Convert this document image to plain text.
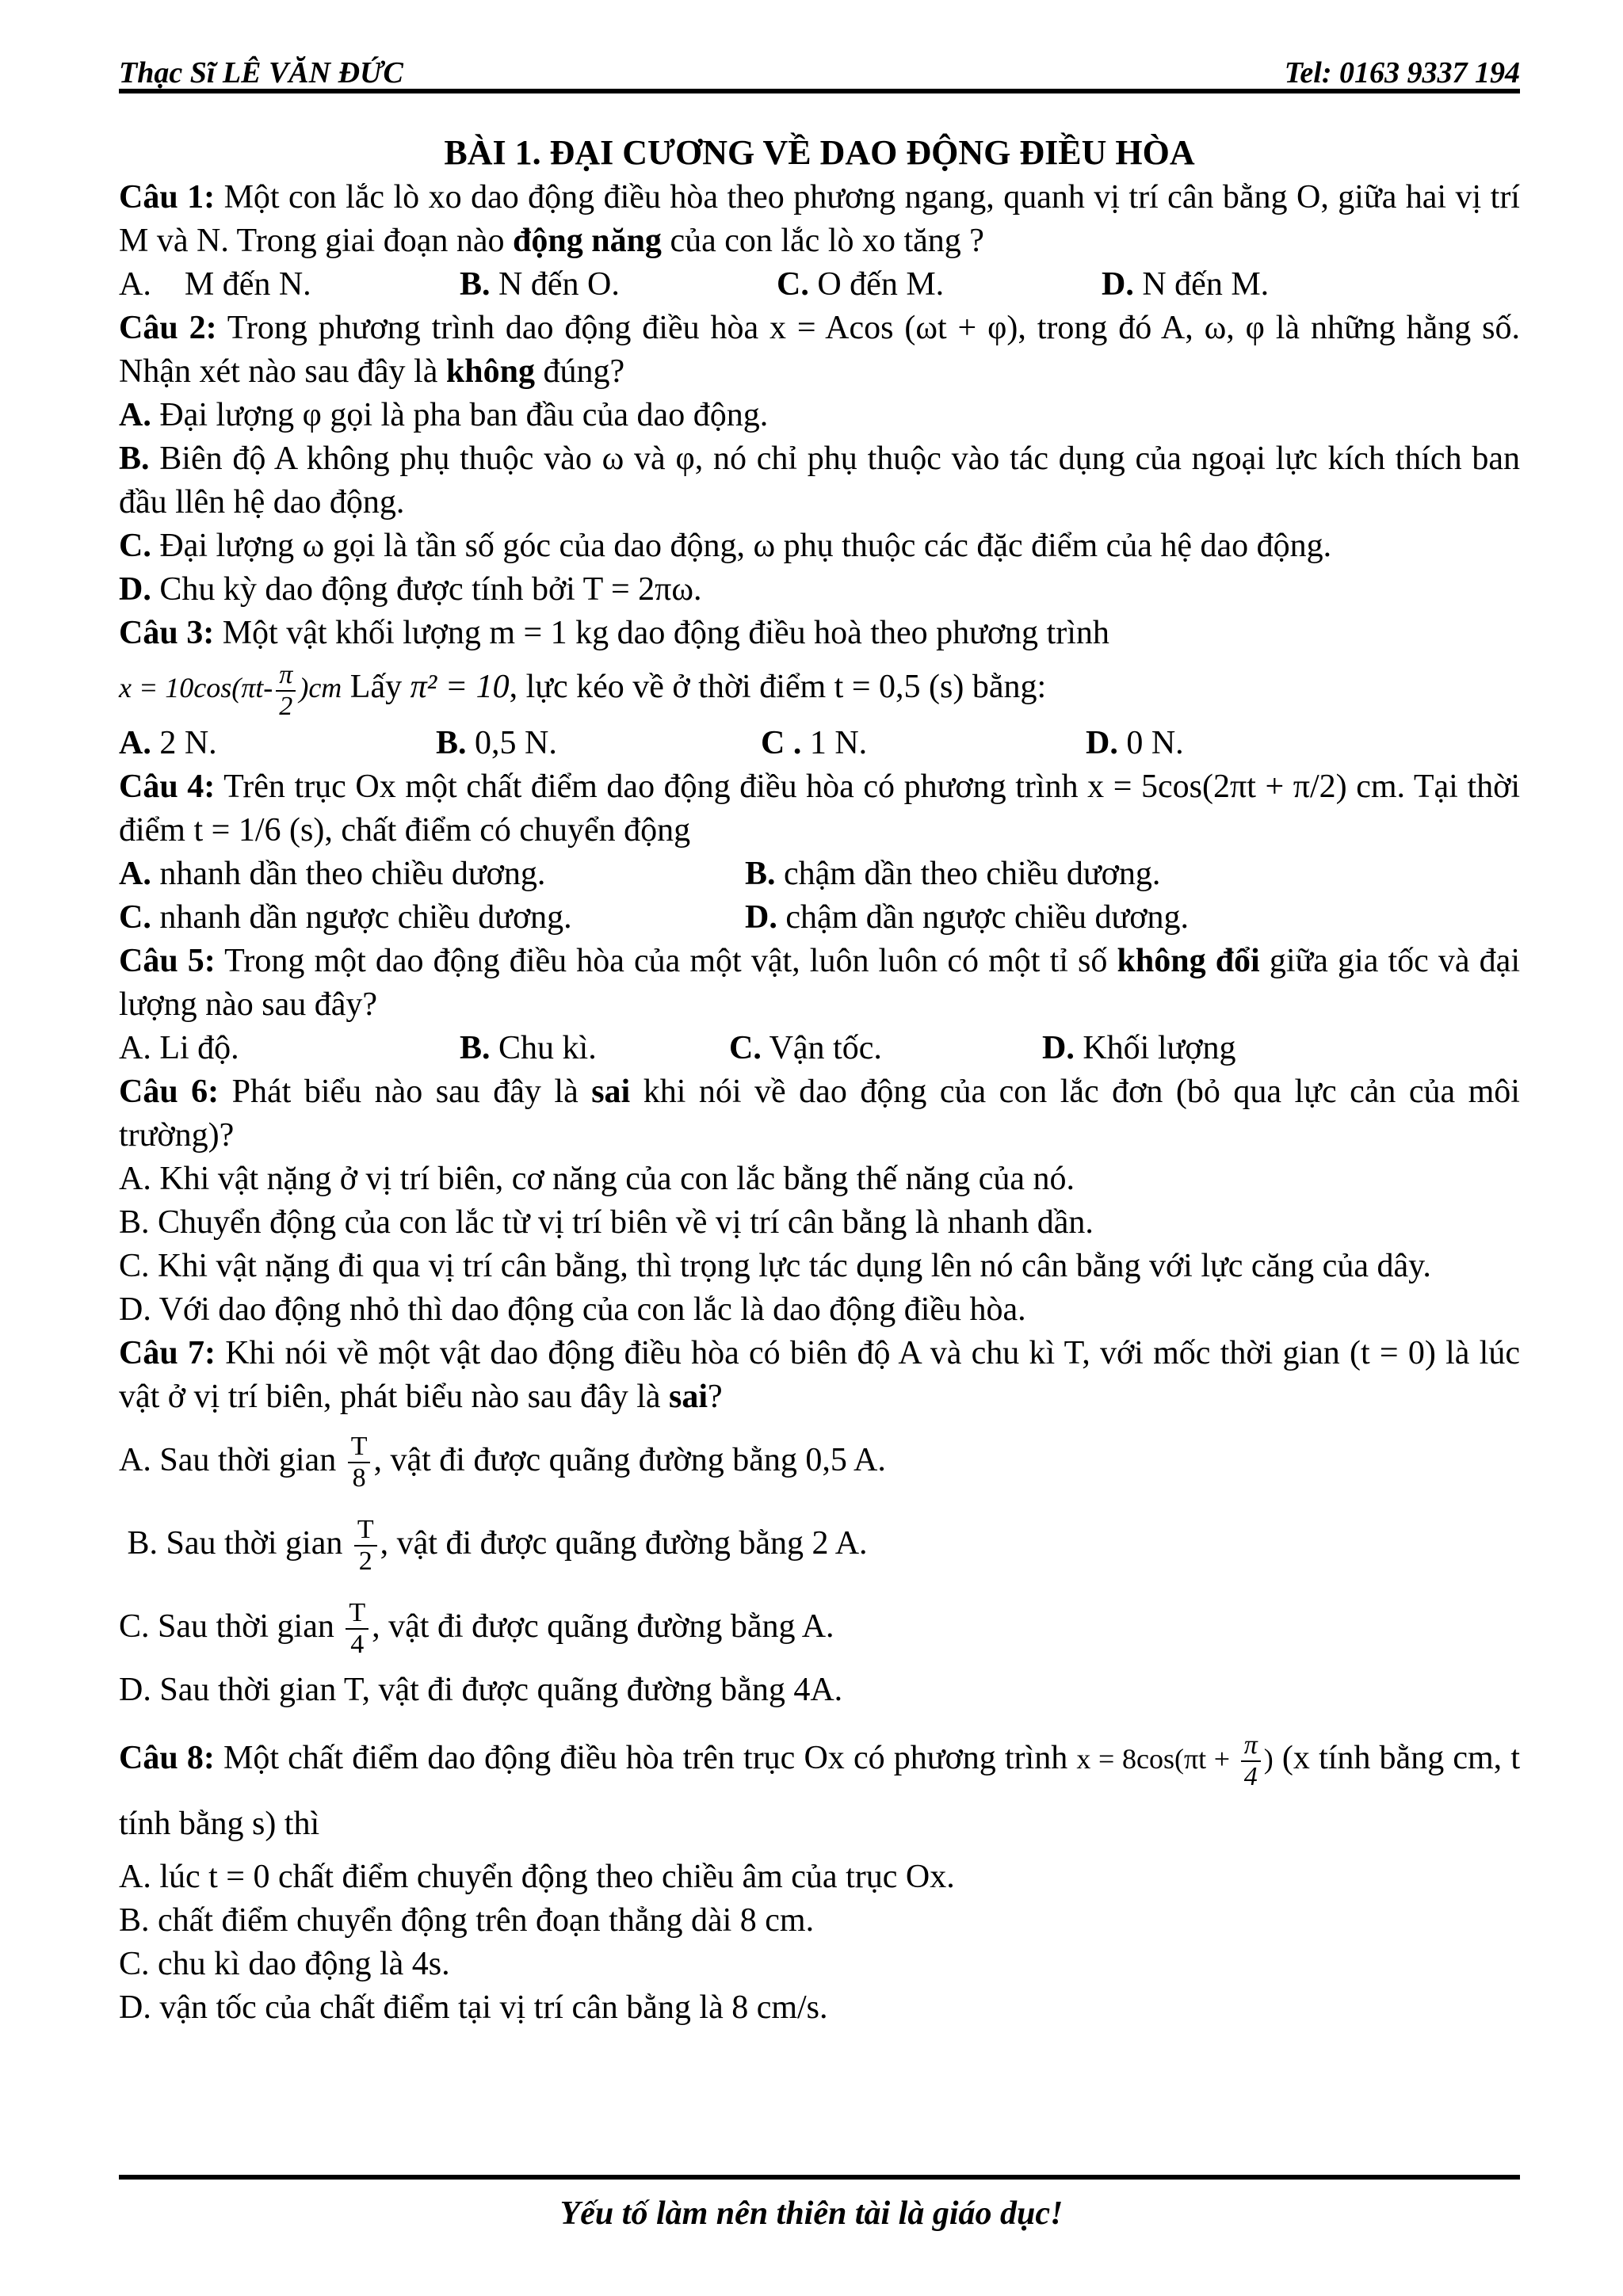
Thạc Sĩ LÊ VĂN ĐỨC	Tel: 0163 9337 194
BÀI 1. ĐẠI CƯƠNG VỀ DAO ĐỘNG ĐIỀU HÒA

Câu 1: Một con lắc lò xo dao động điều hòa theo phương ngang, quanh vị trí cân bằng O, giữa hai vị trí M và N. Trong giai đoạn nào động năng của con lắc lò xo tăng ?

A.    M đến N.	B. N đến O.	C. O đến M.	D. N đến M.

Câu 2: Trong phương trình dao động điều hòa x = Acos (ωt + φ), trong đó A, ω, φ là những hằng số. Nhận xét nào sau đây là không đúng?

A. Đại lượng φ gọi là pha ban đầu của dao động.

B. Biên độ A không phụ thuộc vào ω và φ, nó chỉ phụ thuộc vào tác dụng của ngoại lực kích thích ban đầu llên hệ dao động.

C. Đại lượng ω gọi là tần số góc của dao động, ω phụ thuộc các đặc điểm của hệ dao động.

D. Chu kỳ dao động được tính bởi T = 2πω.

Câu 3: Một vật khối lượng m = 1 kg dao động điều hoà theo phương trình

$x = 10\cos(\pi t- \frac{\pi}{2} )cm$ Lấy π² = 10, lực kéo về ở thời điểm t = 0,5 (s) bằng:

A. 2 N.	B. 0,5 N.	C . 1 N.	D. 0 N.

Câu 4: Trên trục Ox một chất điểm dao động điều hòa có phương trình x = 5cos(2πt + π/2) cm. Tại thời điểm t = 1/6 (s), chất điểm có chuyển động

A. nhanh dần theo chiều dương.	B. chậm dần theo chiều dương.
C. nhanh dần ngược chiều dương.	D. chậm dần ngược chiều dương.

Câu 5: Trong một dao động điều hòa của một vật, luôn luôn có một tỉ số không đổi giữa gia tốc và đại lượng nào sau đây?

A. Li độ.	B. Chu kì.	C. Vận tốc.	D. Khối lượng

Câu 6: Phát biểu nào sau đây là sai khi nói về dao động của con lắc đơn (bỏ qua lực cản của môi trường)?

A. Khi vật nặng ở vị trí biên, cơ năng của con lắc bằng thế năng của nó.

B. Chuyển động của con lắc từ vị trí biên về vị trí cân bằng là nhanh dần.

C. Khi vật nặng đi qua vị trí cân bằng, thì trọng lực tác dụng lên nó cân bằng với lực căng của dây.

D. Với dao động nhỏ thì dao động của con lắc là dao động điều hòa.

Câu 7: Khi nói về một vật dao động điều hòa có biên độ A và chu kì T, với mốc thời gian (t = 0) là lúc vật ở vị trí biên, phát biểu nào sau đây là sai?

A. Sau thời gian $\frac{T}{8}$ , vật đi được quãng đường bằng 0,5 A.

B. Sau thời gian $\frac{T}{2}$ , vật đi được quãng đường bằng 2 A.

C. Sau thời gian $\frac{T}{4}$ , vật đi được quãng đường bằng A.

D. Sau thời gian T, vật đi được quãng đường bằng 4A.

Câu 8: Một chất điểm dao động điều hòa trên trục Ox có phương trình $x = 8\cos(\pi t + \frac{\pi}{4}$ ) (x tính bằng cm, t tính bằng s) thì

A. lúc t = 0 chất điểm chuyển động theo chiều âm của trục Ox.

B. chất điểm chuyển động trên đoạn thẳng dài 8 cm.

C. chu kì dao động là 4s.

D. vận tốc của chất điểm tại vị trí cân bằng là 8 cm/s.

Yếu tố làm nên thiên tài là giáo dục!
